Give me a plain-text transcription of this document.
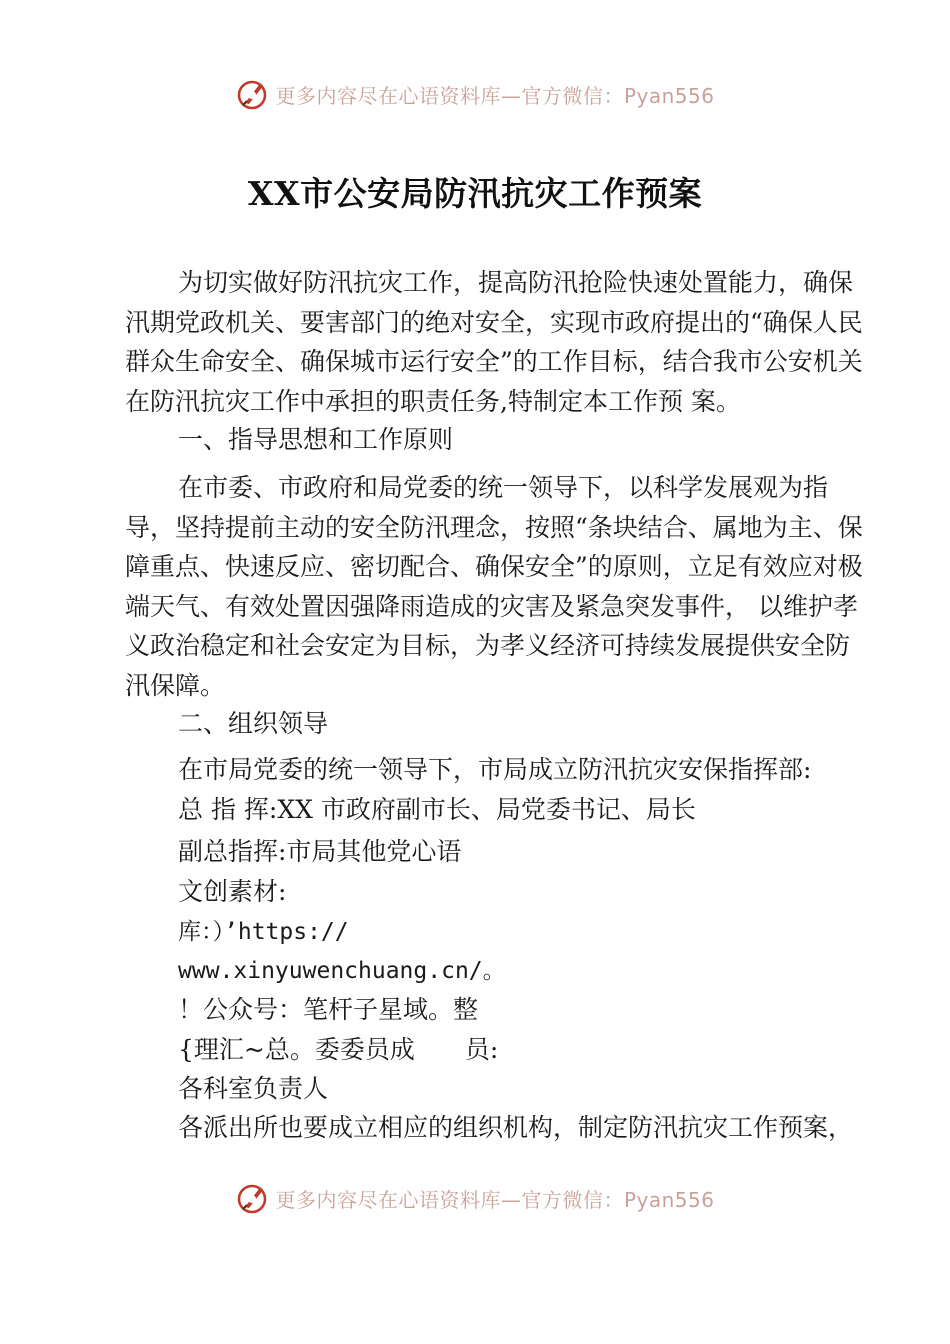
更多内容尽在心语资料库—官方微信：Pyan556
XX市公安局防汛抗灾工作预案

为切实做好防汛抗灾工作，提高防汛抢险快速处置能力，确保汛期党政机关、要害部门的绝对安全，实现市政府提出的“确保人民群众生命安全、确保城市运行安全”的工作目标，结合我市公安机关在防汛抗灾工作中承担的职责任务,特制定本工作预 案。

一、指导思想和工作原则

在市委、市政府和局党委的统一领导下，以科学发展观为指导，坚持提前主动的安全防汛理念，按照“条块结合、属地为主、保障重点、快速反应、密切配合、确保安全”的原则，立足有效应对极端天气、有效处置因强降雨造成的灾害及紧急突发事件， 以维护孝义政治稳定和社会安定为目标，为孝义经济可持续发展提供安全防汛保障。

二、组织领导

在市局党委的统一领导下，市局成立防汛抗灾安保指挥部:

总 指 挥:XX 市政府副市长、局党委书记、局长

副总指挥:市局其他党心语

文创素材:

库：）’https://

www.xinyuwenchuang.cn/。

！公众号：笔杆子星域。整

{理汇~总。委委员成　　员:

各科室负责人

各派出所也要成立相应的组织机构，制定防汛抗灾工作预案，

更多内容尽在心语资料库—官方微信：Pyan556
